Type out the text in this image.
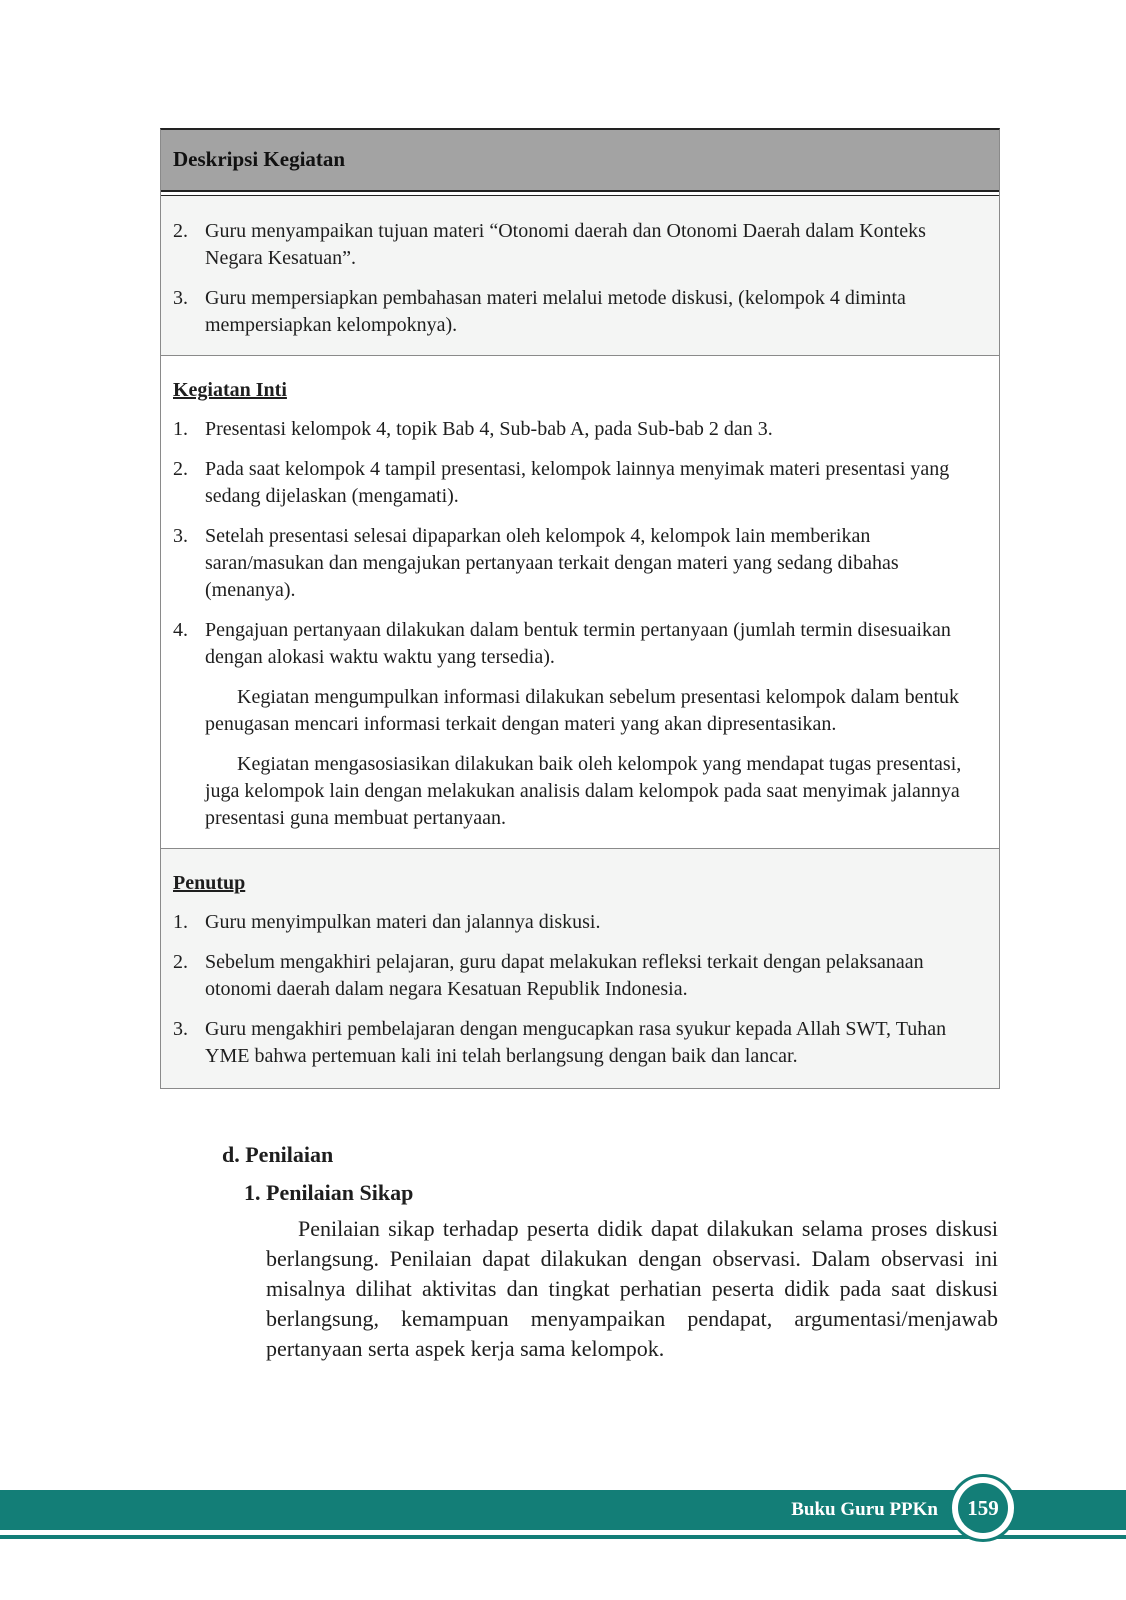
Deskripsi Kegiatan
2. Guru menyampaikan tujuan materi “Otonomi daerah dan Otonomi Daerah dalam Konteks Negara Kesatuan”.
3. Guru mempersiapkan pembahasan materi melalui metode diskusi, (kelompok 4 diminta mempersiapkan kelompoknya).
Kegiatan Inti
1. Presentasi kelompok 4, topik Bab 4, Sub-bab A, pada Sub-bab 2 dan 3.
2. Pada saat kelompok 4 tampil presentasi, kelompok lainnya menyimak materi presentasi yang sedang dijelaskan (mengamati).
3. Setelah presentasi selesai dipaparkan oleh kelompok 4, kelompok lain memberikan saran/masukan dan mengajukan pertanyaan terkait dengan materi yang sedang dibahas (menanya).
4. Pengajuan pertanyaan dilakukan dalam bentuk termin pertanyaan (jumlah termin disesuaikan dengan alokasi waktu waktu yang tersedia).

Kegiatan mengumpulkan informasi dilakukan sebelum presentasi kelompok dalam bentuk penugasan mencari informasi terkait dengan materi yang akan dipresentasikan.

Kegiatan mengasosiasikan dilakukan baik oleh kelompok yang mendapat tugas presentasi, juga kelompok lain dengan melakukan analisis dalam kelompok pada saat menyimak jalannya presentasi guna membuat pertanyaan.

Penutup
1. Guru menyimpulkan materi dan jalannya diskusi.
2. Sebelum mengakhiri pelajaran, guru dapat melakukan refleksi terkait dengan pelaksanaan otonomi daerah dalam negara Kesatuan Republik Indonesia.
3. Guru mengakhiri pembelajaran dengan mengucapkan rasa syukur kepada Allah SWT, Tuhan YME bahwa pertemuan kali ini telah berlangsung dengan baik dan lancar.
d. Penilaian
1. Penilaian Sikap

Penilaian sikap terhadap peserta didik dapat dilakukan selama proses diskusi berlangsung. Penilaian dapat dilakukan dengan observasi. Dalam observasi ini misalnya dilihat aktivitas dan tingkat perhatian peserta didik pada saat diskusi berlangsung, kemampuan menyampaikan pendapat, argumentasi/menjawab pertanyaan serta aspek kerja sama kelompok.

Buku Guru PPKn	159
